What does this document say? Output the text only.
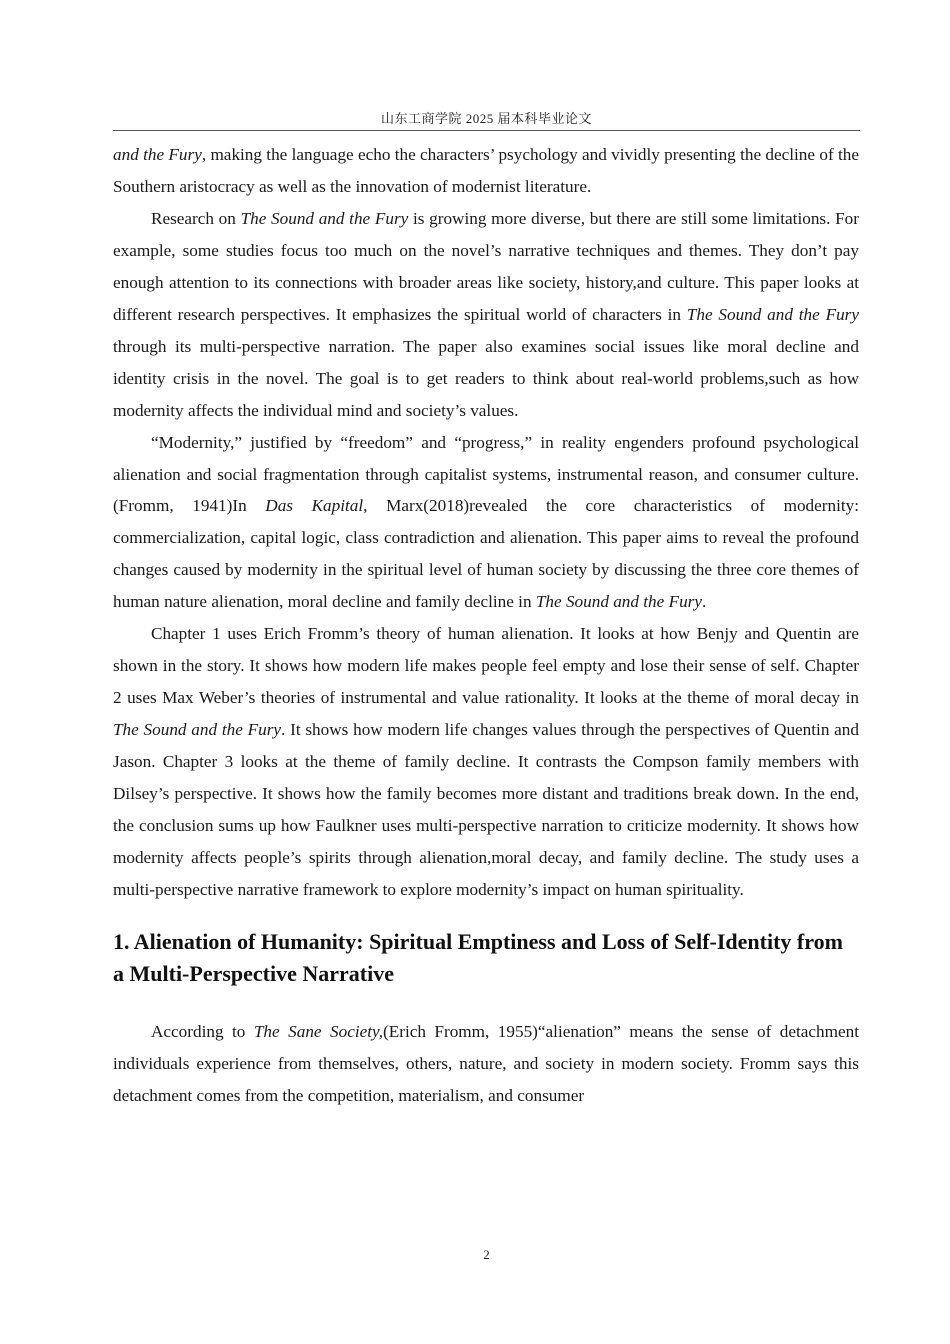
山东工商学院 2025 届本科毕业论文

and the Fury, making the language echo the characters’ psychology and vividly presenting the decline of the Southern aristocracy as well as the innovation of modernist literature.

Research on The Sound and the Fury is growing more diverse, but there are still some limitations. For example, some studies focus too much on the novel’s narrative techniques and themes. They don’t pay enough attention to its connections with broader areas like society, history,and culture. This paper looks at different research perspectives. It emphasizes the spiritual world of characters in The Sound and the Fury through its multi-perspective narration. The paper also examines social issues like moral decline and identity crisis in the novel. The goal is to get readers to think about real-world problems,such as how modernity affects the individual mind and society’s values.

“Modernity,” justified by “freedom” and “progress,” in reality engenders profound psychological alienation and social fragmentation through capitalist systems, instrumental reason, and consumer culture.(Fromm, 1941)In Das Kapital, Marx(2018)revealed the core characteristics of modernity: commercialization, capital logic, class contradiction and alienation. This paper aims to reveal the profound changes caused by modernity in the spiritual level of human society by discussing the three core themes of human nature alienation, moral decline and family decline in The Sound and the Fury.

Chapter 1 uses Erich Fromm’s theory of human alienation. It looks at how Benjy and Quentin are shown in the story. It shows how modern life makes people feel empty and lose their sense of self. Chapter 2 uses Max Weber’s theories of instrumental and value rationality. It looks at the theme of moral decay in The Sound and the Fury. It shows how modern life changes values through the perspectives of Quentin and Jason. Chapter 3 looks at the theme of family decline. It contrasts the Compson family members with Dilsey’s perspective. It shows how the family becomes more distant and traditions break down. In the end, the conclusion sums up how Faulkner uses multi-perspective narration to criticize modernity. It shows how modernity affects people’s spirits through alienation,moral decay, and family decline. The study uses a multi-perspective narrative framework to explore modernity’s impact on human spirituality.

1. Alienation of Humanity: Spiritual Emptiness and Loss of Self-Identity from a Multi-Perspective Narrative

According to The Sane Society,(Erich Fromm, 1955)“alienation” means the sense of detachment individuals experience from themselves, others, nature, and society in modern society. Fromm says this detachment comes from the competition, materialism, and consumer

2
